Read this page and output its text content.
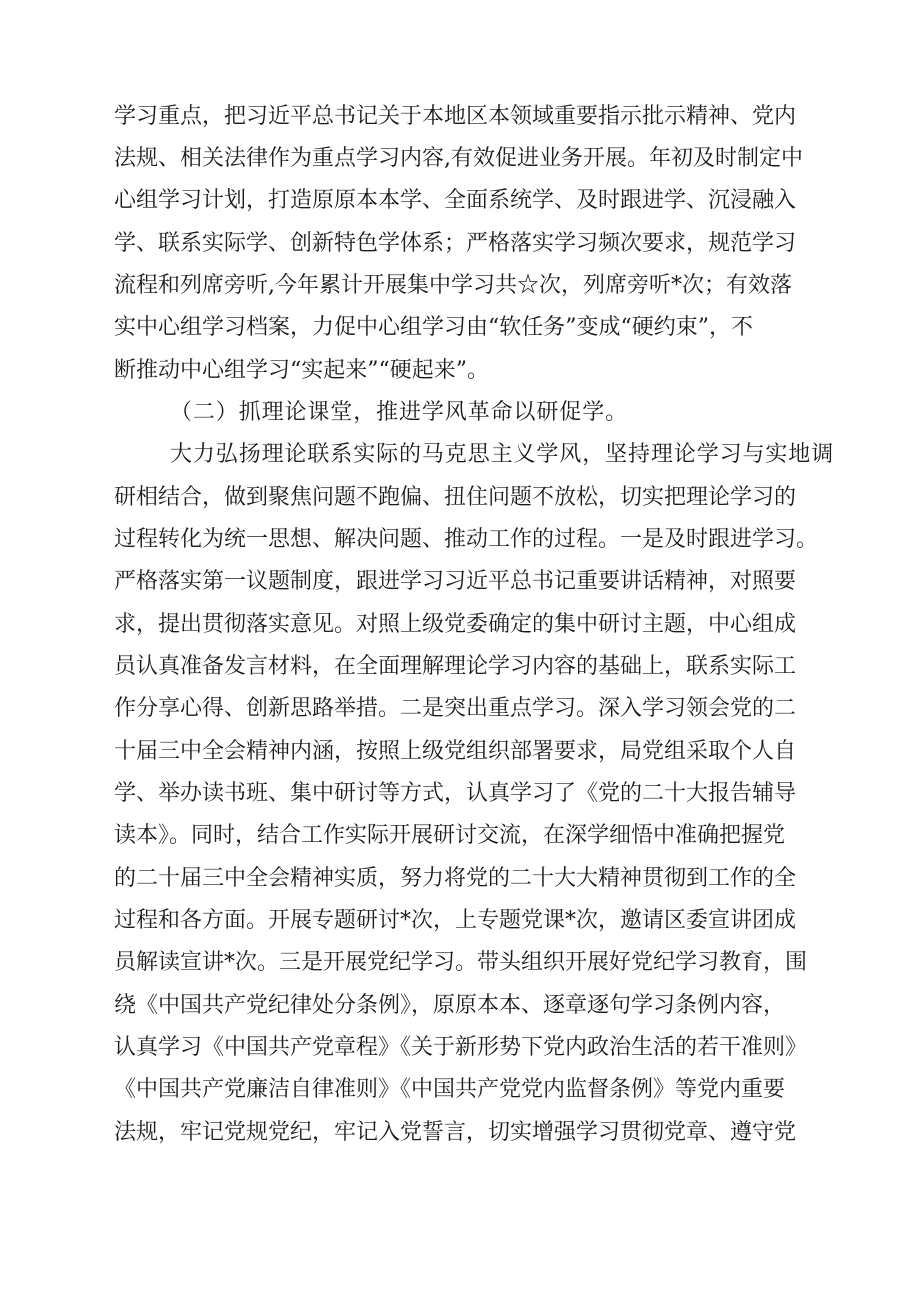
学习重点，把习近平总书记关于本地区本领域重要指示批示精神、党内
法规、相关法律作为重点学习内容,有效促进业务开展。年初及时制定中
心组学习计划，打造原原本本学、全面系统学、及时跟进学、沉浸融入
学、联系实际学、创新特色学体系；严格落实学习频次要求，规范学习
流程和列席旁听,今年累计开展集中学习共☆次，列席旁听*次；有效落
实中心组学习档案，力促中心组学习由“软任务”变成“硬约束”，不
断推动中心组学习“实起来”“硬起来”。
（二）抓理论课堂，推进学风革命以研促学。
大力弘扬理论联系实际的马克思主义学风，坚持理论学习与实地调
研相结合，做到聚焦问题不跑偏、扭住问题不放松，切实把理论学习的
过程转化为统一思想、解决问题、推动工作的过程。一是及时跟进学习。
严格落实第一议题制度，跟进学习习近平总书记重要讲话精神，对照要
求，提出贯彻落实意见。对照上级党委确定的集中研讨主题，中心组成
员认真准备发言材料，在全面理解理论学习内容的基础上，联系实际工
作分享心得、创新思路举措。二是突出重点学习。深入学习领会党的二
十届三中全会精神内涵，按照上级党组织部署要求，局党组采取个人自
学、举办读书班、集中研讨等方式，认真学习了《党的二十大报告辅导
读本》。同时，结合工作实际开展研讨交流，在深学细悟中准确把握党
的二十届三中全会精神实质，努力将党的二十大大精神贯彻到工作的全
过程和各方面。开展专题研讨*次，上专题党课*次，邀请区委宣讲团成
员解读宣讲*次。三是开展党纪学习。带头组织开展好党纪学习教育，围
绕《中国共产党纪律处分条例》，原原本本、逐章逐句学习条例内容，
认真学习《中国共产党章程》《关于新形势下党内政治生活的若干准则》
《中国共产党廉洁自律准则》《中国共产党党内监督条例》等党内重要
法规，牢记党规党纪，牢记入党誓言，切实增强学习贯彻党章、遵守党
